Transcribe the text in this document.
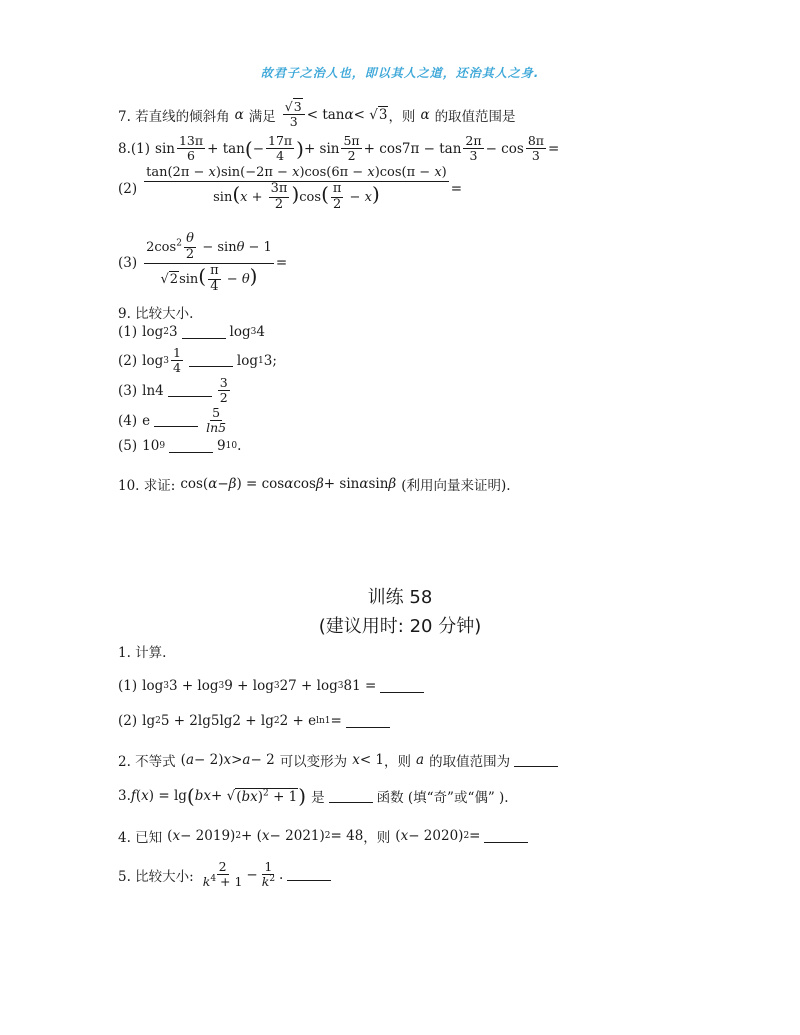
故君子之治人也，即以其人之道，还治其人之身.
7. 若直线的倾斜角 α 满足
√3
3 < tan α < √ 3 ，则 α 的取值范围是
8.(1) sin
13π
6 + tan ( −
17π
4 ) + sin
5π
2 + cos7π − tan
2π
3 − cos
8π
3 =
(2)
tan(2π − x)sin(−2π − x)cos(6π − x)cos(π − x)
$\sin(x + \frac{3\pi}{2} )\cos( \frac{\pi}{2} - x)$	=
(3)
$2\cos^2 \frac{\theta}{2} - \sin\theta - 1$
$√2\sin( \frac{\pi}{4} - \theta)$
=
9. 比较大小.
(1) log 2 3	log 3 4
(2) log 3
1
4	log 1 3;
(3) ln4
3
2
(4) e
5
ln5
(5) 10 9	9 10 .
10. 求证: cos( α − β ) = cos α cos β + sin α sin β (利用向量来证明).
训练 58
(建议用时: 20 分钟)
1. 计算.
(1) log 3 3 + log 3 9 + log 3 27 + log 3 81 =
(2) lg 2 5 + 2lg5lg2 + lg 2 2 + e ln1 =
2. 不等式 ( a − 2) x > a − 2 可以变形为 x < 1 ，则 a 的取值范围为
3. f ( x ) = lg ( bx + √ (bx)$^2$ + 1 ) 是	函数 (填“奇”或“偶” ).
4. 已知 ( x − 2019) 2 + ( x − 2021) 2 = 48 ，则 ( x − 2020) 2 =
5. 比较大小:
2
$k^4 + 1$ −
1
$k^2$ .
